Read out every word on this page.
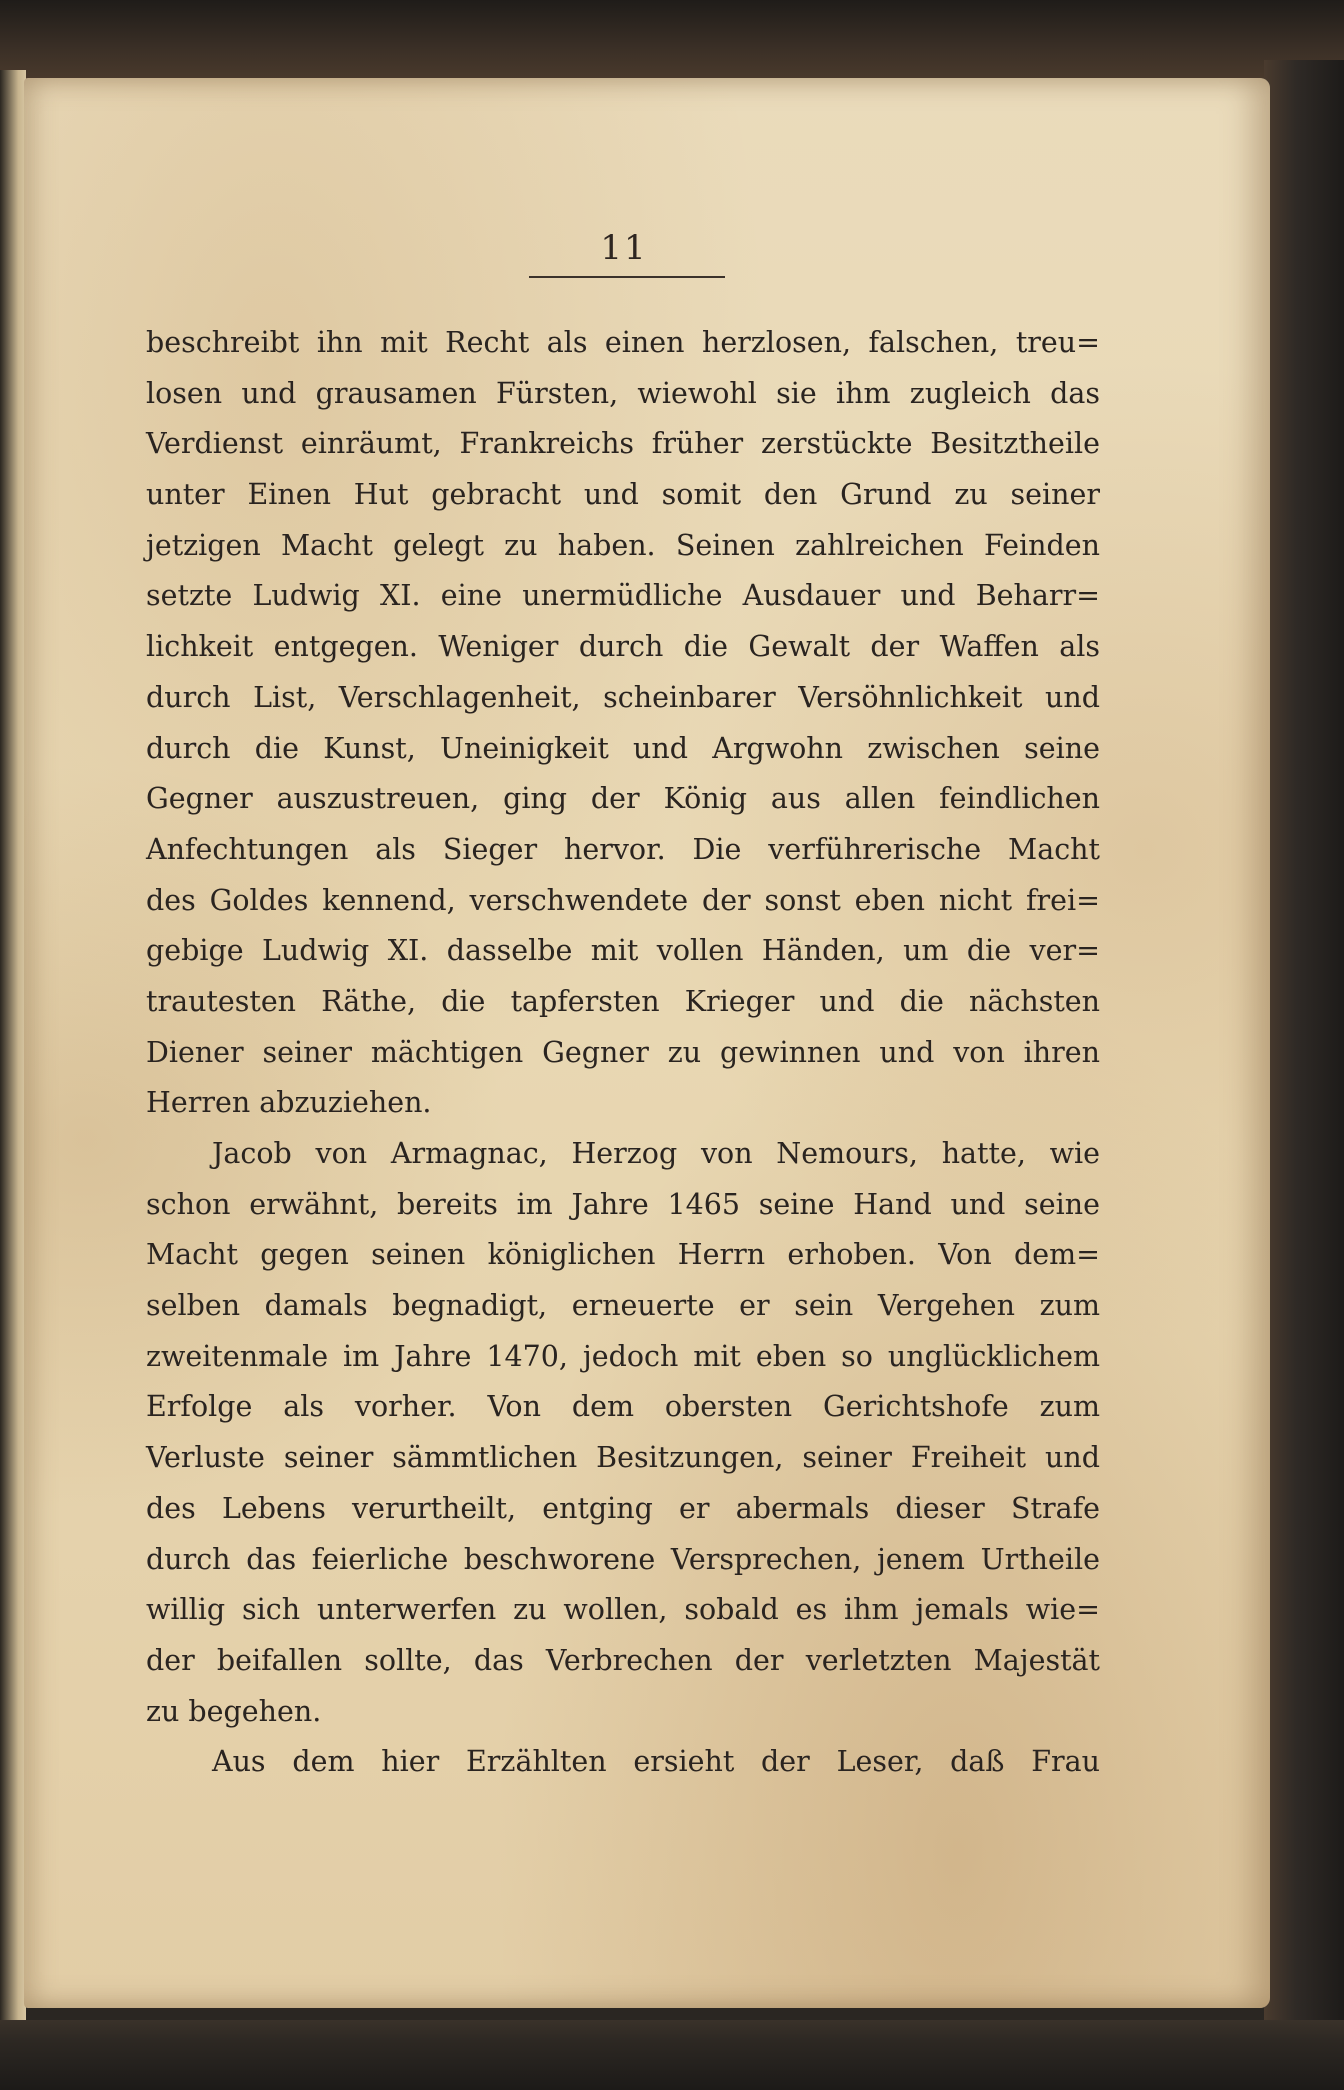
11
beschreibt ihn mit Recht als einen herzlosen, falschen, treu=
losen und grausamen Fürsten, wiewohl sie ihm zugleich das
Verdienst einräumt, Frankreichs früher zerstückte Besitztheile
unter Einen Hut gebracht und somit den Grund zu seiner
jetzigen Macht gelegt zu haben. Seinen zahlreichen Feinden
setzte Ludwig XI. eine unermüdliche Ausdauer und Beharr=
lichkeit entgegen. Weniger durch die Gewalt der Waffen als
durch List, Verschlagenheit, scheinbarer Versöhnlichkeit und
durch die Kunst, Uneinigkeit und Argwohn zwischen seine
Gegner auszustreuen, ging der König aus allen feindlichen
Anfechtungen als Sieger hervor. Die verführerische Macht
des Goldes kennend, verschwendete der sonst eben nicht frei=
gebige Ludwig XI. dasselbe mit vollen Händen, um die ver=
trautesten Räthe, die tapfersten Krieger und die nächsten
Diener seiner mächtigen Gegner zu gewinnen und von ihren
Herren abzuziehen.
Jacob von Armagnac, Herzog von Nemours, hatte, wie
schon erwähnt, bereits im Jahre 1465 seine Hand und seine
Macht gegen seinen königlichen Herrn erhoben. Von dem=
selben damals begnadigt, erneuerte er sein Vergehen zum
zweitenmale im Jahre 1470, jedoch mit eben so unglücklichem
Erfolge als vorher. Von dem obersten Gerichtshofe zum
Verluste seiner sämmtlichen Besitzungen, seiner Freiheit und
des Lebens verurtheilt, entging er abermals dieser Strafe
durch das feierliche beschworene Versprechen, jenem Urtheile
willig sich unterwerfen zu wollen, sobald es ihm jemals wie=
der beifallen sollte, das Verbrechen der verletzten Majestät
zu begehen.
Aus dem hier Erzählten ersieht der Leser, daß Frau
